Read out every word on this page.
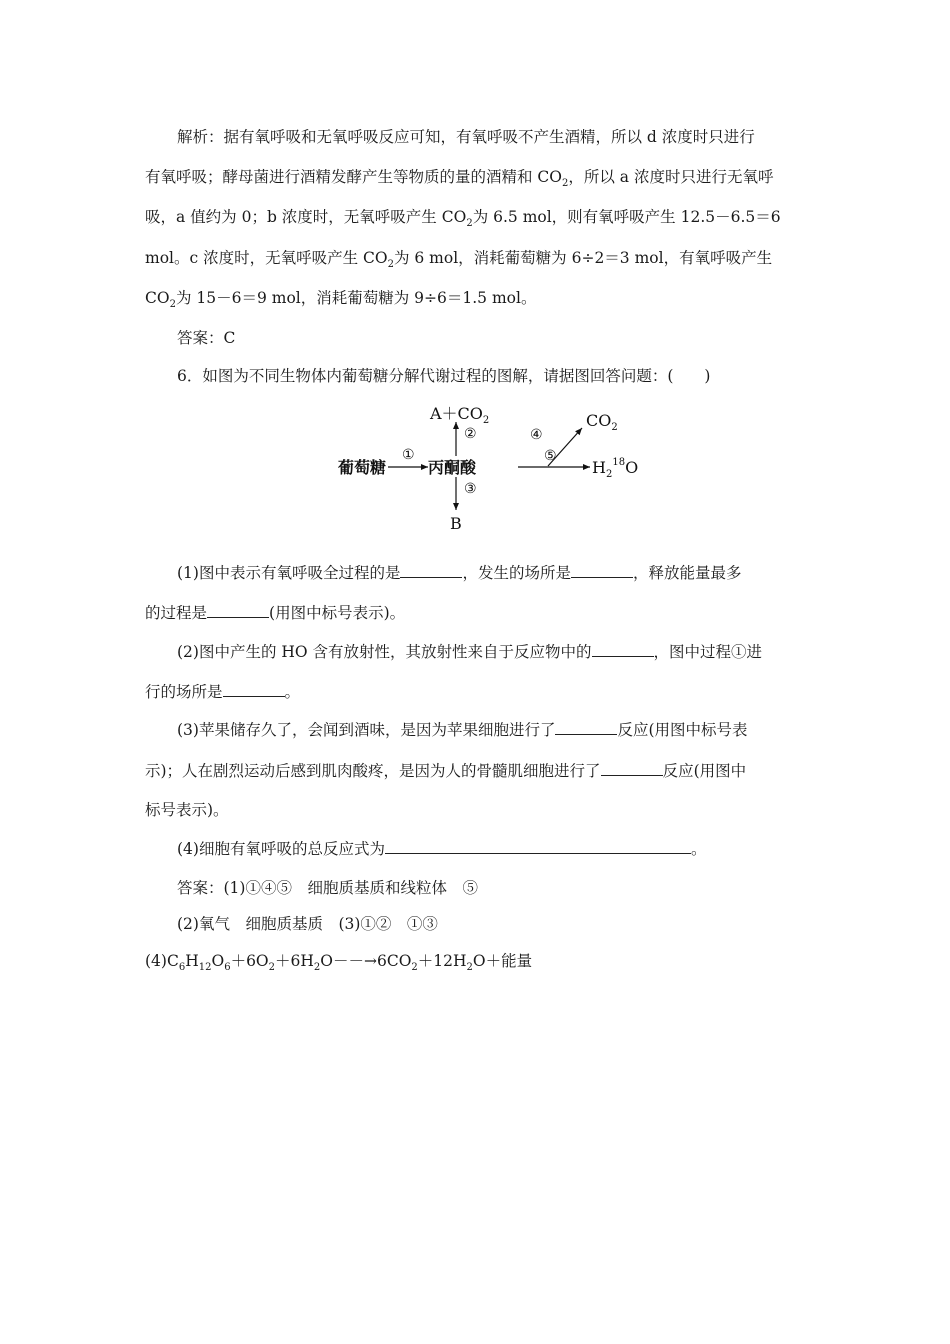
解析：据有氧呼吸和无氧呼吸反应可知，有氧呼吸不产生酒精，所以 d 浓度时只进行
有氧呼吸；酵母菌进行酒精发酵产生等物质的量的酒精和 $CO_2$，所以 a 浓度时只进行无氧呼
吸，a 值约为 0；b 浓度时，无氧呼吸产生 $CO_2$为 6.5 mol，则有氧呼吸产生 12.5－6.5＝6
mol。c 浓度时，无氧呼吸产生 $CO_2$为 6 mol，消耗葡萄糖为 6÷2＝3 mol，有氧呼吸产生
$CO_2$为 15－6＝9 mol，消耗葡萄糖为 9÷6＝1.5 mol。
答案：C
6．如图为不同生物体内葡萄糖分解代谢过程的图解，请据图回答问题：(　　)
葡萄糖
①
丙酮酸
②
$A+CO_2$
③
B
⑤
$H_2^{18}O$
④
$CO_2$
(1)图中表示有氧呼吸全过程的是	，发生的场所是	，释放能量最多
的过程是	(用图中标号表示)。
(2)图中产生的 HO 含有放射性，其放射性来自于反应物中的	，图中过程①进
行的场所是	。
(3)苹果储存久了，会闻到酒味，是因为苹果细胞进行了	反应(用图中标号表
示)；人在剧烈运动后感到肌肉酸疼，是因为人的骨髓肌细胞进行了	反应(用图中
标号表示)。
(4)细胞有氧呼吸的总反应式为	。
答案：(1)①④⑤　细胞质基质和线粒体　⑤
(2)氧气　细胞质基质　(3)①②　①③
$(4)C_6H_{12}O_6+6O_2+6H_2O--\to 6CO_2+12H_2O+$能量
